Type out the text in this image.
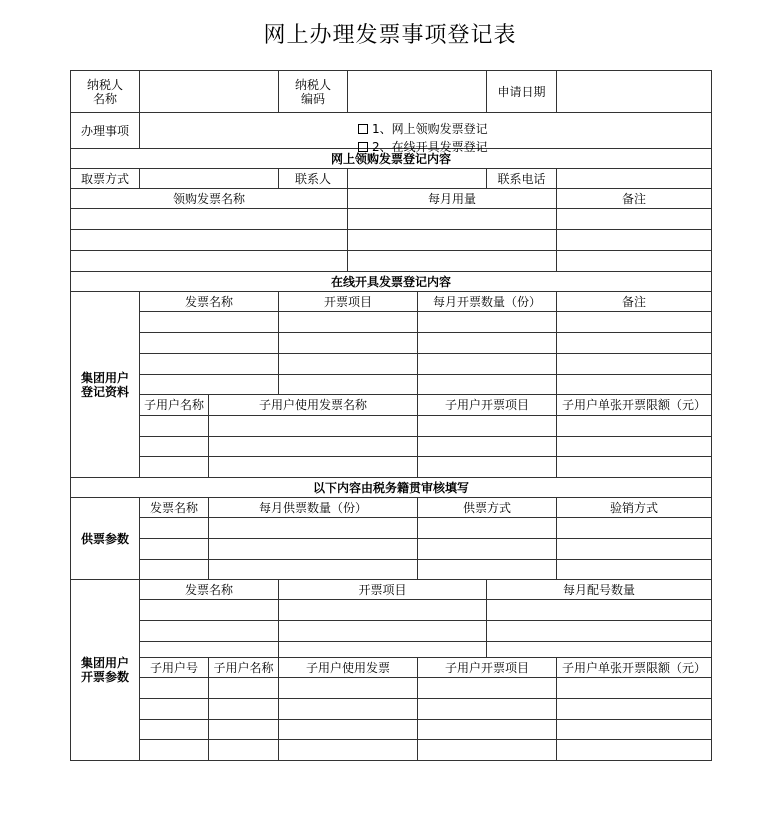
网上办理发票事项登记表
纳税人名称			纳税人编码			申请日期	
办理事项	1、网上领购发票登记
2、在线开具发票登记						

网上领购发票登记内容							
取票方式			联系人			联系电话	
领购发票名称				每月用量			备注

在线开具发票登记内容							
集团用户登记资料	发票名称		开票项目		每月开票数量（份）		备注

	子用户名称	子用户使用发票名称			子用户开票项目		子用户单张开票限额（元）

以下内容由税务籍贯审核填写							
供票参数	发票名称	每月供票数量（份）			供票方式		验销方式

集团用户开票参数	发票名称		开票项目			每月配号数量	

	子用户号	子用户名称	子用户使用发票		子用户开票项目		子用户单张开票限额（元）
